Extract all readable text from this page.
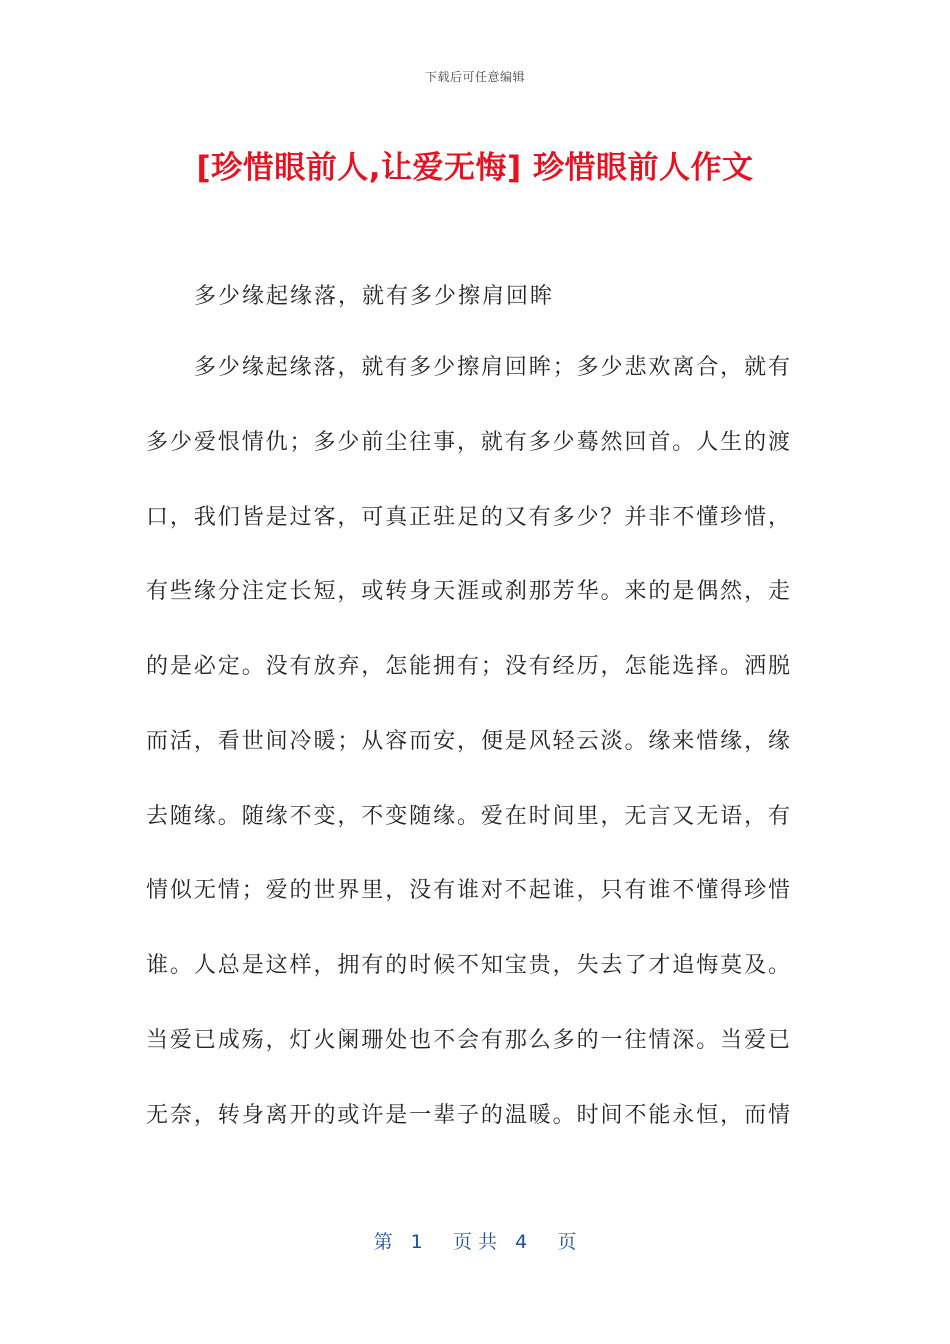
下载后可任意编辑
[珍惜眼前人,让爱无悔] 珍惜眼前人作文
多少缘起缘落，就有多少擦肩回眸
多少缘起缘落，就有多少擦肩回眸；多少悲欢离合，就有
多少爱恨情仇；多少前尘往事，就有多少蓦然回首。人生的渡
口，我们皆是过客，可真正驻足的又有多少？并非不懂珍惜，
有些缘分注定长短，或转身天涯或刹那芳华。来的是偶然，走
的是必定。没有放弃，怎能拥有；没有经历，怎能选择。洒脱
而活，看世间冷暖；从容而安，便是风轻云淡。缘来惜缘，缘
去随缘。随缘不变，不变随缘。爱在时间里，无言又无语，有
情似无情；爱的世界里，没有谁对不起谁，只有谁不懂得珍惜
谁。人总是这样，拥有的时候不知宝贵，失去了才追悔莫及。
当爱已成殇，灯火阑珊处也不会有那么多的一往情深。当爱已
无奈，转身离开的或许是一辈子的温暖。时间不能永恒，而情
第   1     页 共   4     页
